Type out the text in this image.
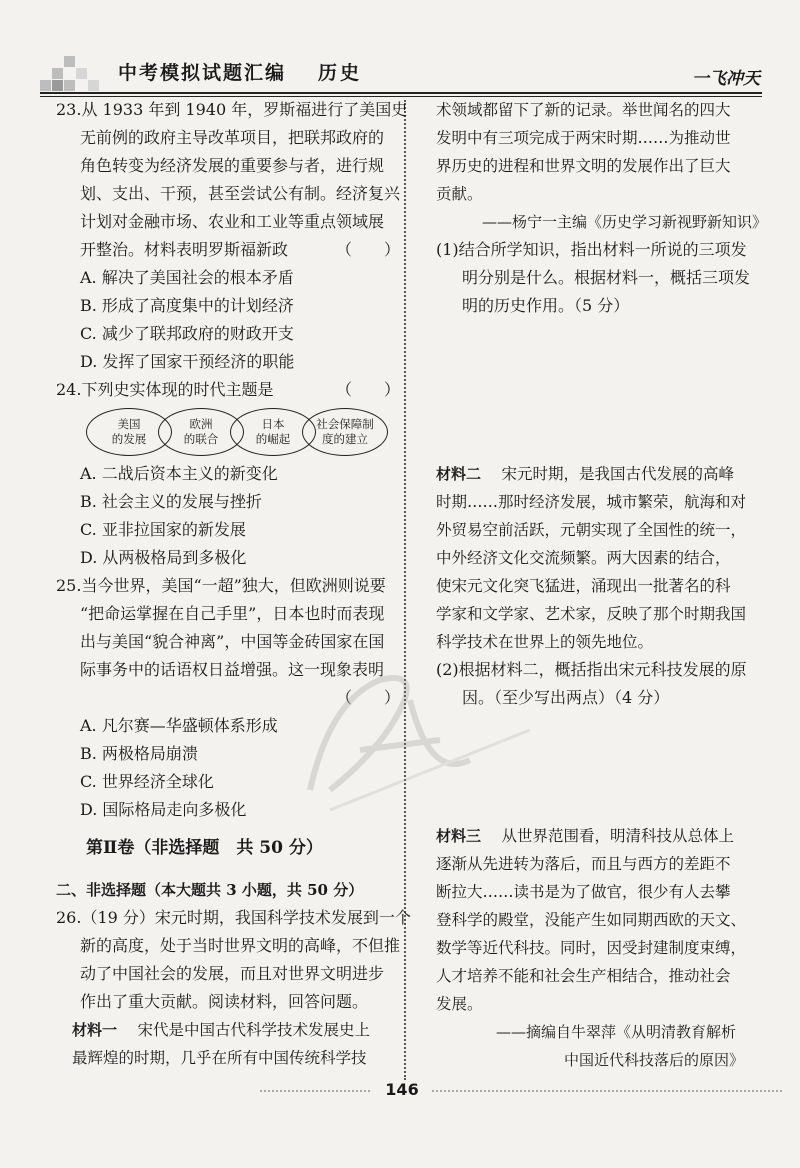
中考模拟试题汇编 历史	一飞冲天
23.从 1933 年到 1940 年，罗斯福进行了美国史
无前例的政府主导改革项目，把联邦政府的
角色转变为经济发展的重要参与者，进行规
划、支出、干预，甚至尝试公有制。经济复兴
计划对金融市场、农业和工业等重点领域展
开整治。材料表明罗斯福新政	（　　）
A. 解决了美国社会的根本矛盾
B. 形成了高度集中的计划经济
C. 减少了联邦政府的财政开支
D. 发挥了国家干预经济的职能
24.下列史实体现的时代主题是	（　　）
美国
的发展
欧洲
的联合
日本
的崛起
社会保障制
度的建立
A. 二战后资本主义的新变化
B. 社会主义的发展与挫折
C. 亚非拉国家的新发展
D. 从两极格局到多极化
25.当今世界，美国“一超”独大，但欧洲则说要
“把命运掌握在自己手里”，日本也时而表现
出与美国“貌合神离”，中国等金砖国家在国
际事务中的话语权日益增强。这一现象表明
（　　）
A. 凡尔赛—华盛顿体系形成
B. 两极格局崩溃
C. 世界经济全球化
D. 国际格局走向多极化
第Ⅱ卷（非选择题　共 50 分）
二、非选择题（本大题共 3 小题，共 50 分）
26.（19 分）宋元时期，我国科学技术发展到一个
新的高度，处于当时世界文明的高峰，不但推
动了中国社会的发展，而且对世界文明进步
作出了重大贡献。阅读材料，回答问题。
材料一 　宋代是中国古代科学技术发展史上
最辉煌的时期，几乎在所有中国传统科学技
术领域都留下了新的记录。举世闻名的四大
发明中有三项完成于两宋时期……为推动世
界历史的进程和世界文明的发展作出了巨大
贡献。
——杨宁一主编《历史学习新视野新知识》
(1)结合所学知识，指出材料一所说的三项发
明分别是什么。根据材料一，概括三项发
明的历史作用。（5 分）
材料二 　宋元时期，是我国古代发展的高峰
时期……那时经济发展，城市繁荣，航海和对
外贸易空前活跃，元朝实现了全国性的统一，
中外经济文化交流频繁。两大因素的结合，
使宋元文化突飞猛进，涌现出一批著名的科
学家和文学家、艺术家，反映了那个时期我国
科学技术在世界上的领先地位。
(2)根据材料二，概括指出宋元科技发展的原
因。（至少写出两点）（4 分）
材料三 　从世界范围看，明清科技从总体上
逐渐从先进转为落后，而且与西方的差距不
断拉大……读书是为了做官，很少有人去攀
登科学的殿堂，没能产生如同期西欧的天文、
数学等近代科技。同时，因受封建制度束缚，
人才培养不能和社会生产相结合，推动社会
发展。
——摘编自牛翠萍《从明清教育解析
中国近代科技落后的原因》
146
